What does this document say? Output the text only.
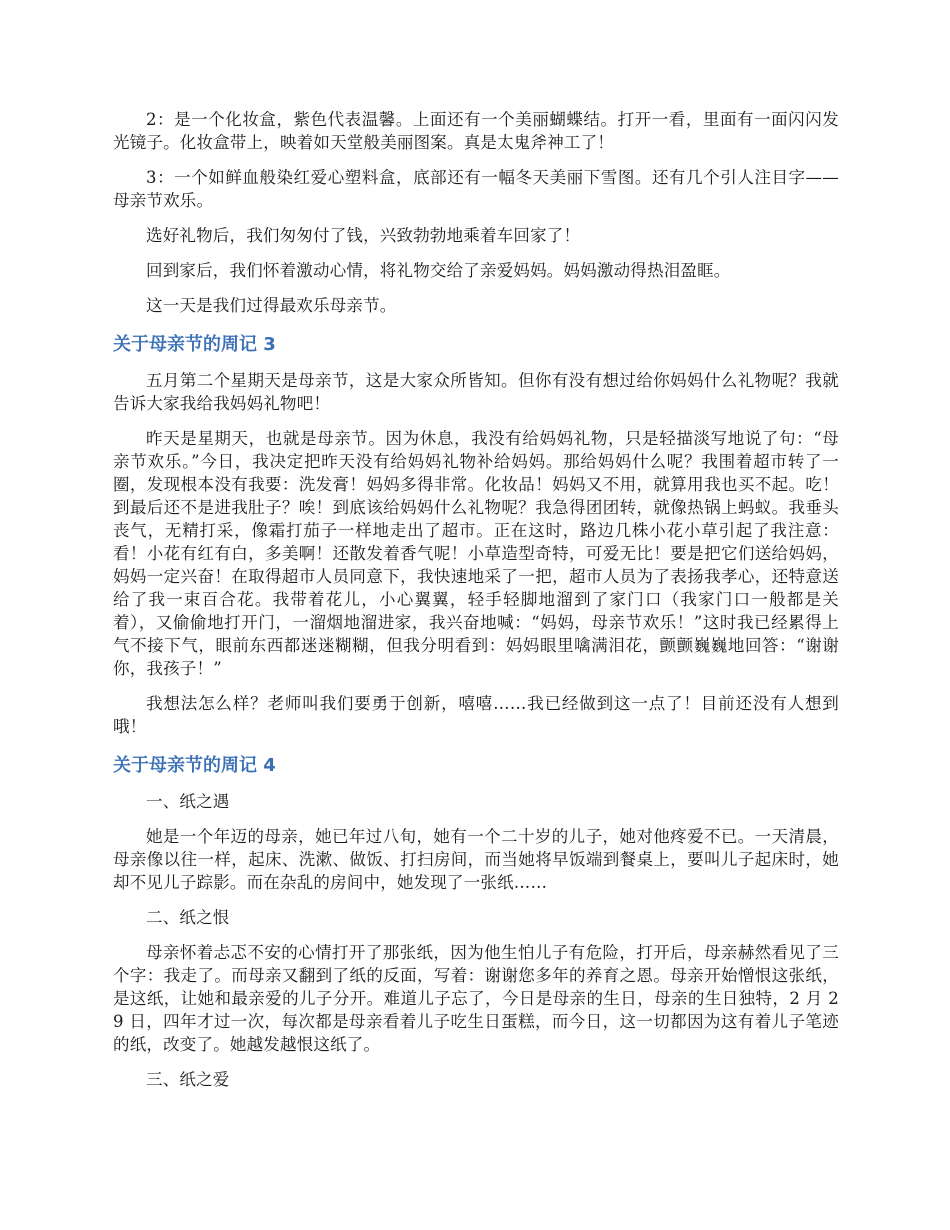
2：是一个化妆盒，紫色代表温馨。上面还有一个美丽蝴蝶结。打开一看，里面有一面闪闪发光镜子。化妆盒带上，映着如天堂般美丽图案。真是太鬼斧神工了！

3：一个如鲜血般染红爱心塑料盒，底部还有一幅冬天美丽下雪图。还有几个引人注目字——母亲节欢乐。

选好礼物后，我们匆匆付了钱，兴致勃勃地乘着车回家了！

回到家后，我们怀着激动心情，将礼物交给了亲爱妈妈。妈妈激动得热泪盈眶。

这一天是我们过得最欢乐母亲节。

关于母亲节的周记 3

五月第二个星期天是母亲节，这是大家众所皆知。但你有没有想过给你妈妈什么礼物呢？我就告诉大家我给我妈妈礼物吧！

昨天是星期天，也就是母亲节。因为休息，我没有给妈妈礼物，只是轻描淡写地说了句：“母亲节欢乐。”今日，我决定把昨天没有给妈妈礼物补给妈妈。那给妈妈什么呢？我围着超市转了一圈，发现根本没有我要：洗发膏！妈妈多得非常。化妆品！妈妈又不用，就算用我也买不起。吃！到最后还不是进我肚子？唉！到底该给妈妈什么礼物呢？我急得团团转，就像热锅上蚂蚁。我垂头丧气，无精打采，像霜打茄子一样地走出了超市。正在这时，路边几株小花小草引起了我注意：看！小花有红有白，多美啊！还散发着香气呢！小草造型奇特，可爱无比！要是把它们送给妈妈，妈妈一定兴奋！在取得超市人员同意下，我快速地采了一把，超市人员为了表扬我孝心，还特意送给了我一束百合花。我带着花儿，小心翼翼，轻手轻脚地溜到了家门口（我家门口一般都是关着），又偷偷地打开门，一溜烟地溜进家，我兴奋地喊：“妈妈，母亲节欢乐！”这时我已经累得上气不接下气，眼前东西都迷迷糊糊，但我分明看到：妈妈眼里噙满泪花，颤颤巍巍地回答：“谢谢你，我孩子！”

我想法怎么样？老师叫我们要勇于创新，嘻嘻……我已经做到这一点了！目前还没有人想到哦！

关于母亲节的周记 4

一、纸之遇

她是一个年迈的母亲，她已年过八旬，她有一个二十岁的儿子，她对他疼爱不已。一天清晨，母亲像以往一样，起床、洗漱、做饭、打扫房间，而当她将早饭端到餐桌上，要叫儿子起床时，她却不见儿子踪影。而在杂乱的房间中，她发现了一张纸……

二、纸之恨

母亲怀着忐忑不安的心情打开了那张纸，因为他生怕儿子有危险，打开后，母亲赫然看见了三个字：我走了。而母亲又翻到了纸的反面，写着：谢谢您多年的养育之恩。母亲开始憎恨这张纸，是这纸，让她和最亲爱的儿子分开。难道儿子忘了，今日是母亲的生日，母亲的生日独特，2 月 29 日，四年才过一次，每次都是母亲看着儿子吃生日蛋糕，而今日，这一切都因为这有着儿子笔迹的纸，改变了。她越发越恨这纸了。

三、纸之爱
